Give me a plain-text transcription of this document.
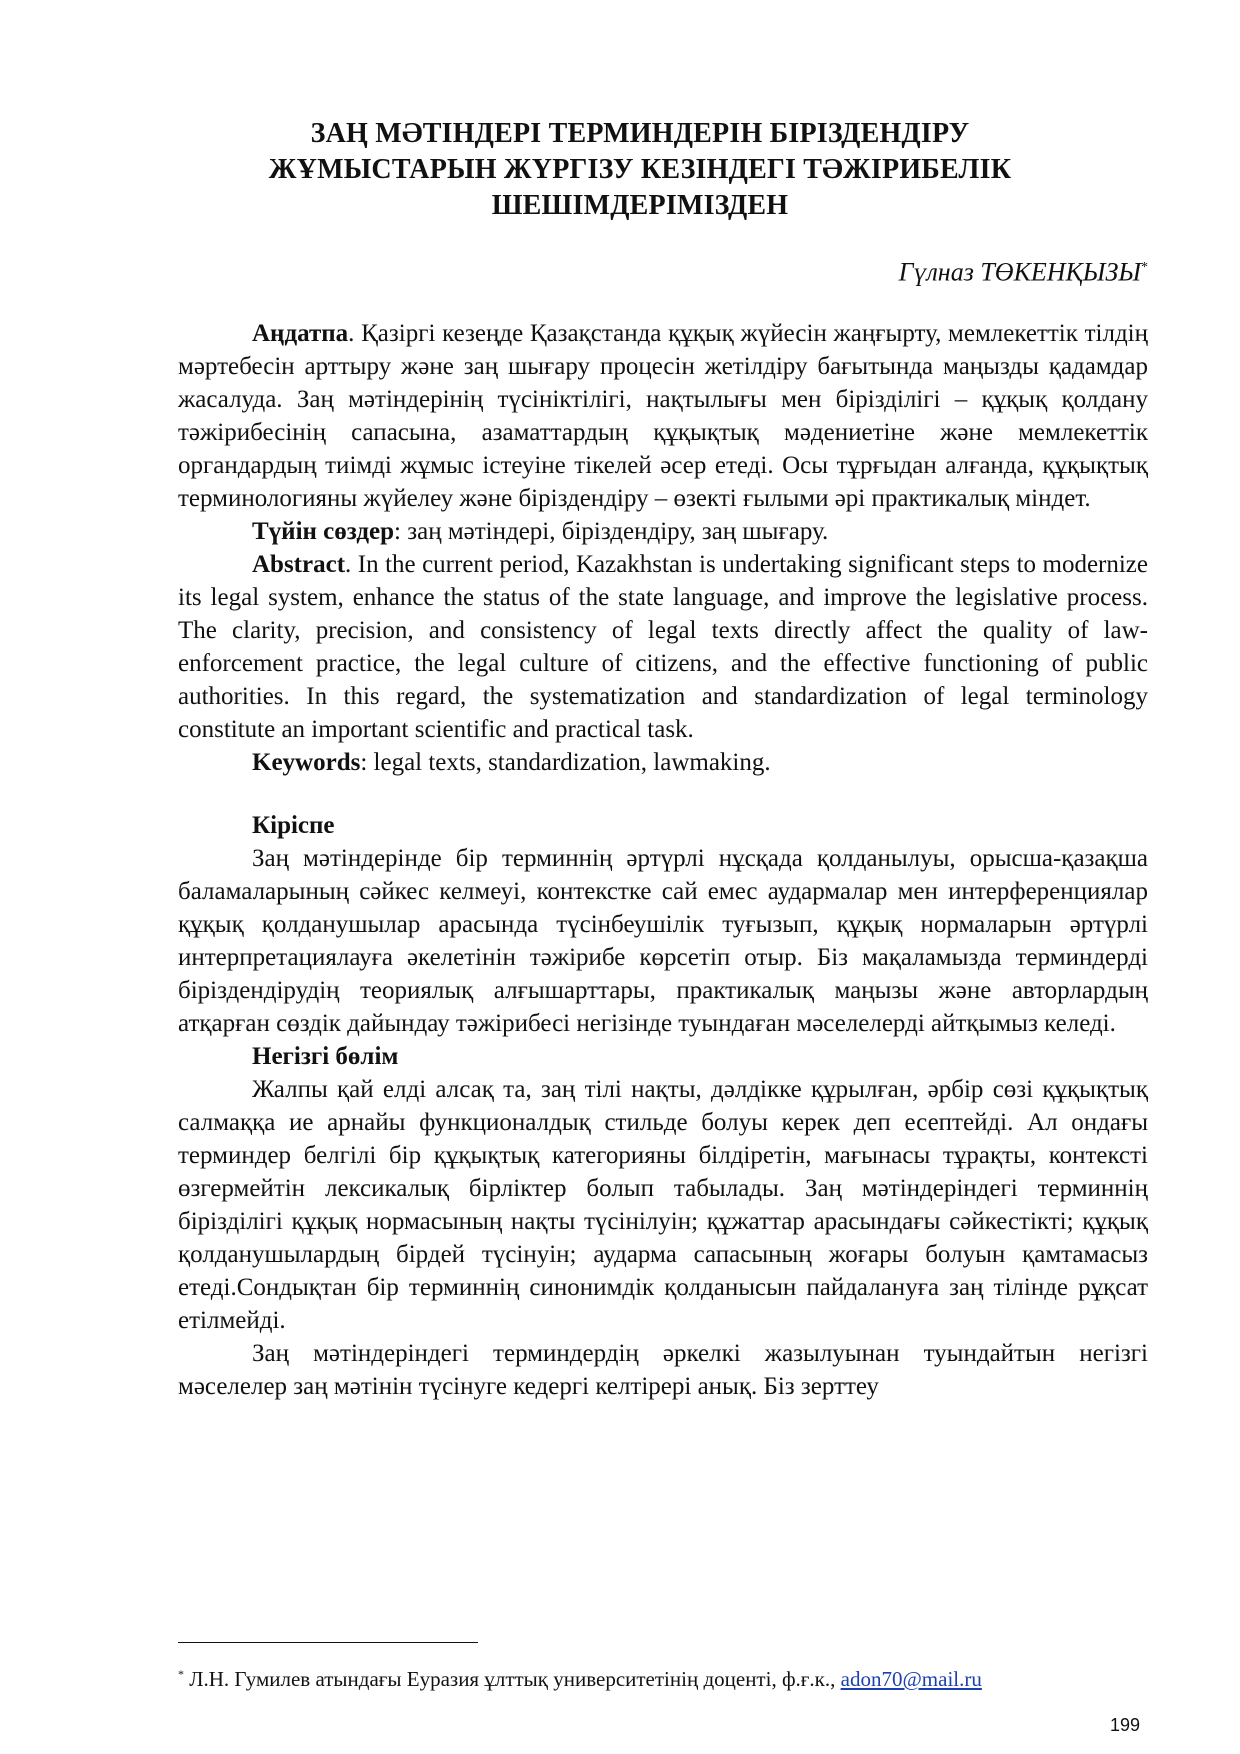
ЗАҢ МӘТІНДЕРІ ТЕРМИНДЕРІН БІРІЗДЕНДІРУ
ЖҰМЫСТАРЫН ЖҮРГІЗУ КЕЗІНДЕГІ ТӘЖІРИБЕЛІК
ШЕШІМДЕРІМІЗДЕН
Гүлназ ТӨКЕНҚЫЗЫ*

Аңдатпа. Қазіргі кезеңде Қазақстанда құқық жүйесін жаңғырту, мемлекеттік тілдің мәртебесін арттыру және заң шығару процесін жетілдіру бағытында маңызды қадамдар жасалуда. Заң мәтіндерінің түсініктілігі, нақтылығы мен біріздiлiгі – құқық қолдану тәжірибесінің сапасына, азаматтардың құқықтық мәдениетіне және мемлекеттік органдардың тиімді жұмыс істеуіне тікелей әсер етеді. Осы тұрғыдан алғанда, құқықтық терминологияны жүйелеу және біріздендіру – өзекті ғылыми әрі практикалық міндет.

Түйін сөздер: заң мәтіндері, біріздендіру, заң шығару.

Abstract. In the current period, Kazakhstan is undertaking significant steps to modernize its legal system, enhance the status of the state language, and improve the legislative process. The clarity, precision, and consistency of legal texts directly affect the quality of law-enforcement practice, the legal culture of citizens, and the effective functioning of public authorities. In this regard, the systematization and standardization of legal terminology constitute an important scientific and practical task.

Keywords: legal texts, standardization, lawmaking.

Кіріспе

Заң мәтіндерінде бір терминнің әртүрлі нұсқада қолданылуы, орысша-қазақша баламаларының сәйкес келмеуі, контекстке сай емес аудармалар мен интерференциялар құқық қолданушылар арасында түсінбеушілік туғызып, құқық нормаларын әртүрлі интерпретациялауға әкелетінін тәжірибе көрсетіп отыр. Біз мақаламызда терминдерді біріздендірудің теориялық алғышарттары, практикалық маңызы және авторлардың атқарған сөздік дайындау тәжірибесі негізінде туындаған мәселелерді айтқымыз келеді.

Негізгі бөлім

Жалпы қай елді алсақ та, заң тілі нақты, дәлдікке құрылған, әрбір сөзі құқықтық салмаққа ие арнайы функционалдық стильде болуы керек деп есептейді. Ал ондағы терминдер белгілі бір құқықтық категорияны білдіретін, мағынасы тұрақты, контексті өзгермейтін лексикалық бірліктер болып табылады. Заң мәтіндеріндегі терминнің біріздiлiгі құқық нормасының нақты түсінілуін; құжаттар арасындағы сәйкестікті; құқық қолданушылардың бірдей түсінуін; аударма сапасының жоғары болуын қамтамасыз етеді.Сондықтан бір терминнің синонимдік қолданысын пайдалануға заң тілінде рұқсат етілмейді.

Заң мәтіндеріндегі терминдердің әркелкі жазылуынан туындайтын негізгі мәселелер заң мәтінін түсінуге кедергі келтірері анық. Біз зерттеу

* Л.Н. Гумилев атындағы Еуразия ұлттық университетінің доценті, ф.ғ.к., adon70@mail.ru
199
